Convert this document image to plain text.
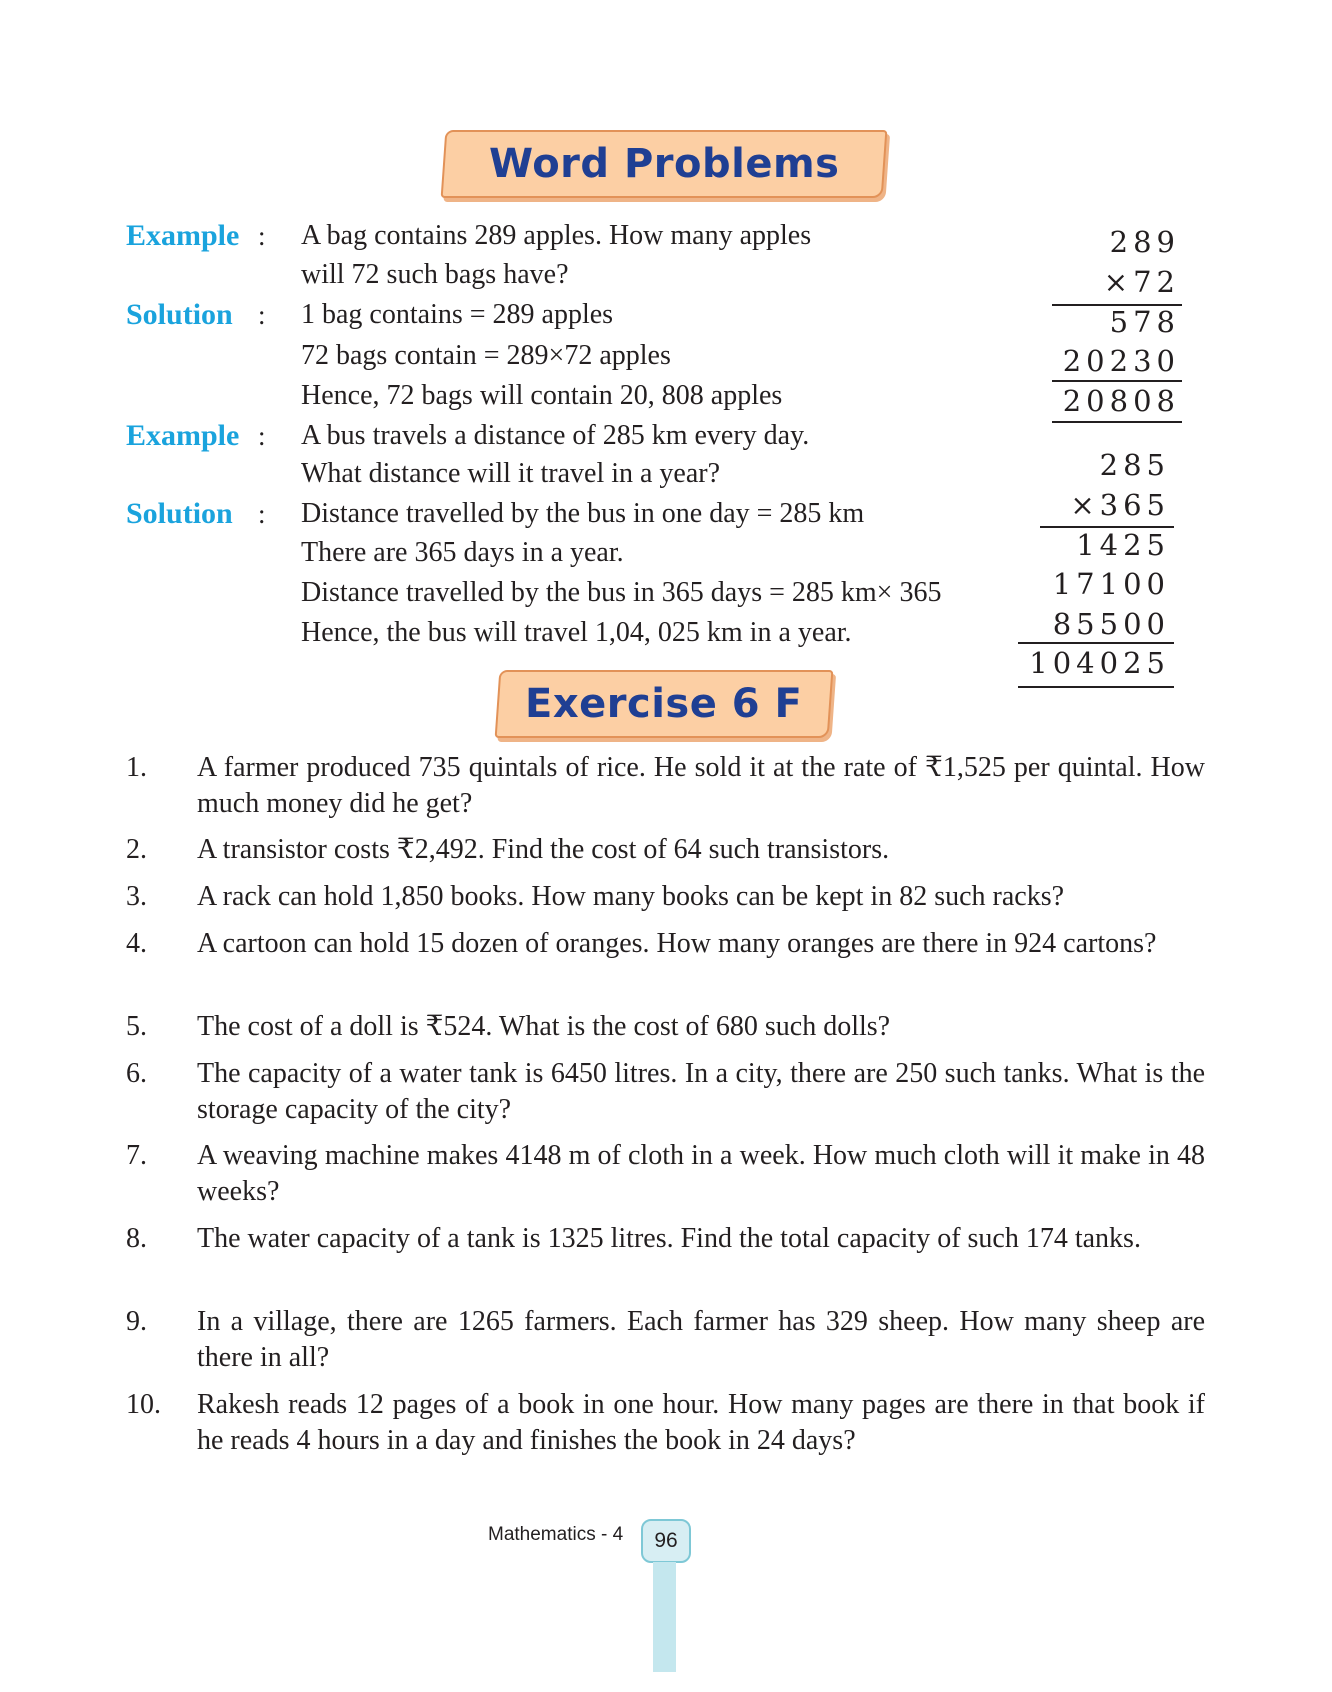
Word Problems
Example : A bag contains 289 apples. How many apples
will 72 such bags have?
Solution : 1 bag contains = 289 apples
72 bags contain = 289×72 apples
Hence, 72 bags will contain 20, 808 apples
289
×72
578
20230
20808
Example : A bus travels a distance of 285 km every day.
What distance will it travel in a year?
Solution : Distance travelled by the bus in one day = 285 km
There are 365 days in a year.
Distance travelled by the bus in 365 days = 285 km× 365
Hence, the bus will travel 1,04, 025 km in a year.
285
×365
1425
17100
85500
104025
Exercise 6 F
1. A farmer produced 735 quintals of rice. He sold it at the rate of ₹1,525 per quintal. How much money did he get?
2. A transistor costs ₹2,492. Find the cost of 64 such transistors.
3. A rack can hold 1,850 books. How many books can be kept in 82 such racks?
4. A cartoon can hold 15 dozen of oranges. How many oranges are there in 924 cartons?
5. The cost of a doll is ₹524. What is the cost of 680 such dolls?
6. The capacity of a water tank is 6450 litres. In a city, there are 250 such tanks. What is the storage capacity of the city?
7. A weaving machine makes 4148 m of cloth in a week. How much cloth will it make in 48 weeks?
8. The water capacity of a tank is 1325 litres. Find the total capacity of such 174 tanks.
9. In a village, there are 1265 farmers. Each farmer has 329 sheep. How many sheep are there in all?
10. Rakesh reads 12 pages of a book in one hour. How many pages are there in that book if he reads 4 hours in a day and finishes the book in 24 days?
Mathematics - 4	96
